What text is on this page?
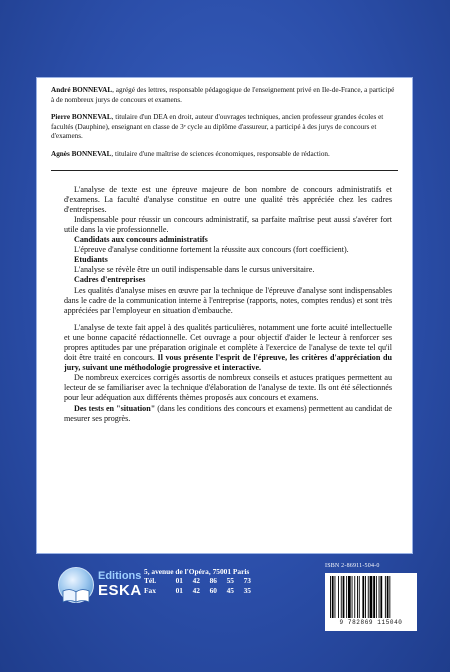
André BONNEVAL, agrégé des lettres, responsable pédagogique de l'enseignement privé en Ile-de-France, a participé à de nombreux jurys de concours et examens.

Pierre BONNEVAL, titulaire d'un DEA en droit, auteur d'ouvrages techniques, ancien professeur grandes écoles et facultés (Dauphine), enseignant en classe de 3ᵉ cycle au diplôme d'assureur, a participé à des jurys de concours et d'examens.

Agnès BONNEVAL, titulaire d'une maîtrise de sciences économiques, responsable de rédaction.

L'analyse de texte est une épreuve majeure de bon nombre de concours administratifs et d'examens. La faculté d'analyse constitue en outre une qualité très appréciée chez les cadres d'entreprises.

Indispensable pour réussir un concours administratif, sa parfaite maîtrise peut aussi s'avérer fort utile dans la vie professionnelle.

Candidats aux concours administratifs

L'épreuve d'analyse conditionne fortement la réussite aux concours (fort coefficient).

Etudiants

L'analyse se révèle être un outil indispensable dans le cursus universitaire.

Cadres d'entreprises

Les qualités d'analyse mises en œuvre par la technique de l'épreuve d'analyse sont indispensables dans le cadre de la communication interne à l'entreprise (rapports, notes, comptes rendus) et sont très appréciées par l'employeur en situation d'embauche.

L'analyse de texte fait appel à des qualités particulières, notamment une forte acuité intellectuelle et une bonne capacité rédactionnelle. Cet ouvrage a pour objectif d'aider le lecteur à renforcer ses propres aptitudes par une préparation originale et complète à l'exercice de l'analyse de texte tel qu'il doit être traité en concours. Il vous présente l'esprit de l'épreuve, les critères d'appréciation du jury, suivant une méthodologie progressive et interactive.

De nombreux exercices corrigés assortis de nombreux conseils et astuces pratiques permettent au lecteur de se familiariser avec la technique d'élaboration de l'analyse de texte. Ils ont été sélectionnés pour leur adéquation aux différents thèmes proposés aux concours et examens.

Des tests en "situation" (dans les conditions des concours et examens) permettent au candidat de mesurer ses progrès.

Editions
ESKA
5, avenue de l'Opéra, 75001 Paris
Tél.	01	42	86	55	73
Fax	01	42	60	45	35
ISBN 2-86911-504-0
9 782869 115040
